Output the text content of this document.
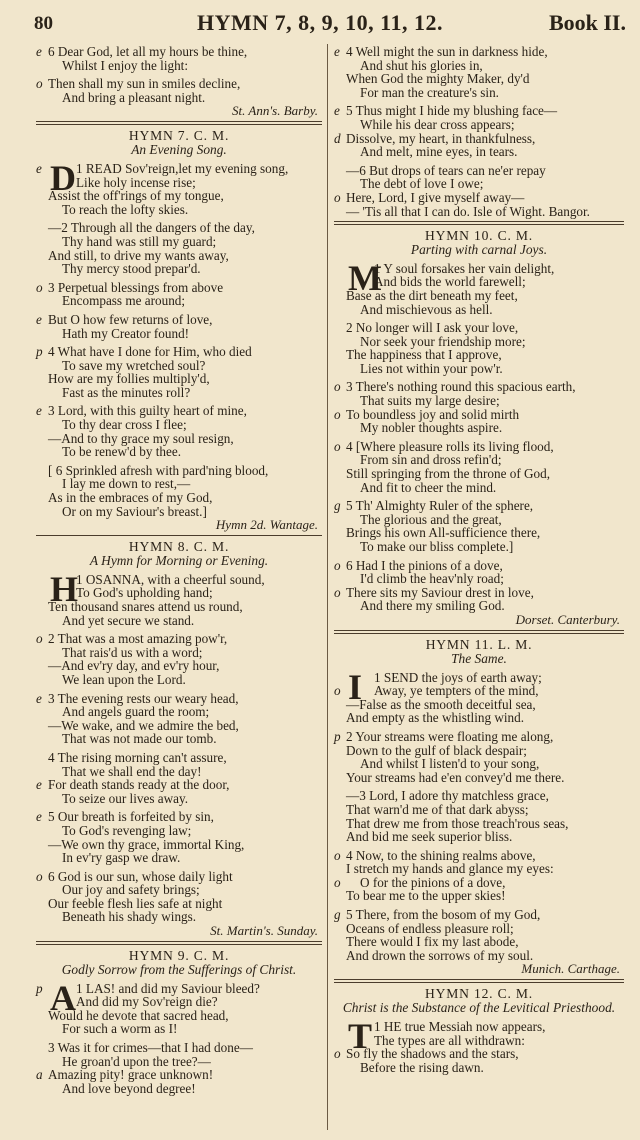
80	HYMN 7, 8, 9, 10, 11, 12.	Book II.
e 6 Dear God, let all my hours be thine,
Whilst I enjoy the light:
o Then shall my sun in smiles decline,
And bring a pleasant night.
St. Ann's. Barby.
HYMN 7. C. M.
An Evening Song.
e	1 READ Sov'reign,let my evening song,
D Like holy incense rise;
Assist the off'rings of my tongue,
To reach the lofty skies.
—2 Through all the dangers of the day,
Thy hand was still my guard;
And still, to drive my wants away,
Thy mercy stood prepar'd.
o 3 Perpetual blessings from above
Encompass me around;
e But O how few returns of love,
Hath my Creator found!
p 4 What have I done for Him, who died
To save my wretched soul?
How are my follies multiply'd,
Fast as the minutes roll?
e 3 Lord, with this guilty heart of mine,
To thy dear cross I flee;
—And to thy grace my soul resign,
To be renew'd by thee.
[ 6 Sprinkled afresh with pard'ning blood,
I lay me down to rest,—
As in the embraces of my God,
Or on my Saviour's breast.]
Hymn 2d. Wantage.
HYMN 8. C. M.
A Hymn for Morning or Evening.
1 OSANNA, with a cheerful sound,
H
To God's upholding hand;
Ten thousand snares attend us round,
And yet secure we stand.
o 2 That was a most amazing pow'r,
That rais'd us with a word;
—And ev'ry day, and ev'ry hour,
We lean upon the Lord.
e 3 The evening rests our weary head,
And angels guard the room;
—We wake, and we admire the bed,
That was not made our tomb.
4 The rising morning can't assure,
That we shall end the day!
e For death stands ready at the door,
To seize our lives away.
e 5 Our breath is forfeited by sin,
To God's revenging law;
—We own thy grace, immortal King,
In ev'ry gasp we draw.
o 6 God is our sun, whose daily light
Our joy and safety brings;
Our feeble flesh lies safe at night
Beneath his shady wings.
St. Martin's. Sunday.
HYMN 9. C. M.
Godly Sorrow from the Sufferings of Christ.
p	1 LAS! and did my Saviour bleed?
A And did my Sov'reign die?
Would he devote that sacred head,
For such a worm as I!
3 Was it for crimes—that I had done—
He groan'd upon the tree?—
a Amazing pity! grace unknown!
And love beyond degree!
e 4 Well might the sun in darkness hide,
And shut his glories in,
When God the mighty Maker, dy'd
For man the creature's sin.
e 5 Thus might I hide my blushing face—
While his dear cross appears;
d Dissolve, my heart, in thankfulness,
And melt, mine eyes, in tears.
—6 But drops of tears can ne'er repay
The debt of love I owe;
o Here, Lord, I give myself away—
— 'Tis all that I can do. Isle of Wight. Bangor.
HYMN 10. C. M.
Parting with carnal Joys.
1 Y soul forsakes her vain delight,
M
And bids the world farewell;
Base as the dirt beneath my feet,
And mischievous as hell.
2 No longer will I ask your love,
Nor seek your friendship more;
The happiness that I approve,
Lies not within your pow'r.
o 3 There's nothing round this spacious earth,
That suits my large desire;
o To boundless joy and solid mirth
My nobler thoughts aspire.
o 4 [Where pleasure rolls its living flood,
From sin and dross refin'd;
Still springing from the throne of God,
And fit to cheer the mind.
g 5 Th' Almighty Ruler of the sphere,
The glorious and the great,
Brings his own All-sufficience there,
To make our bliss complete.]
o 6 Had I the pinions of a dove,
I'd climb the heav'nly road;
o There sits my Saviour drest in love,
And there my smiling God.
Dorset. Canterbury.
HYMN 11. L. M.
The Same.
1 SEND the joys of earth away;
I
o	Away, ye tempters of the mind,
—False as the smooth deceitful sea,
And empty as the whistling wind.
p 2 Your streams were floating me along,
Down to the gulf of black despair;
And whilst I listen'd to your song,
Your streams had e'en convey'd me there.
—3 Lord, I adore thy matchless grace,
That warn'd me of that dark abyss;
That drew me from those treach'rous seas,
And bid me seek superior bliss.
o 4 Now, to the shining realms above,
I stretch my hands and glance my eyes:
o	O for the pinions of a dove,
To bear me to the upper skies!
g 5 There, from the bosom of my God,
Oceans of endless pleasure roll;
There would I fix my last abode,
And drown the sorrows of my soul.
Munich. Carthage.
HYMN 12. C. M.
Christ is the Substance of the Levitical Priesthood.
1 HE true Messiah now appears,
T The types are all withdrawn:
o So fly the shadows and the stars,
Before the rising dawn.
